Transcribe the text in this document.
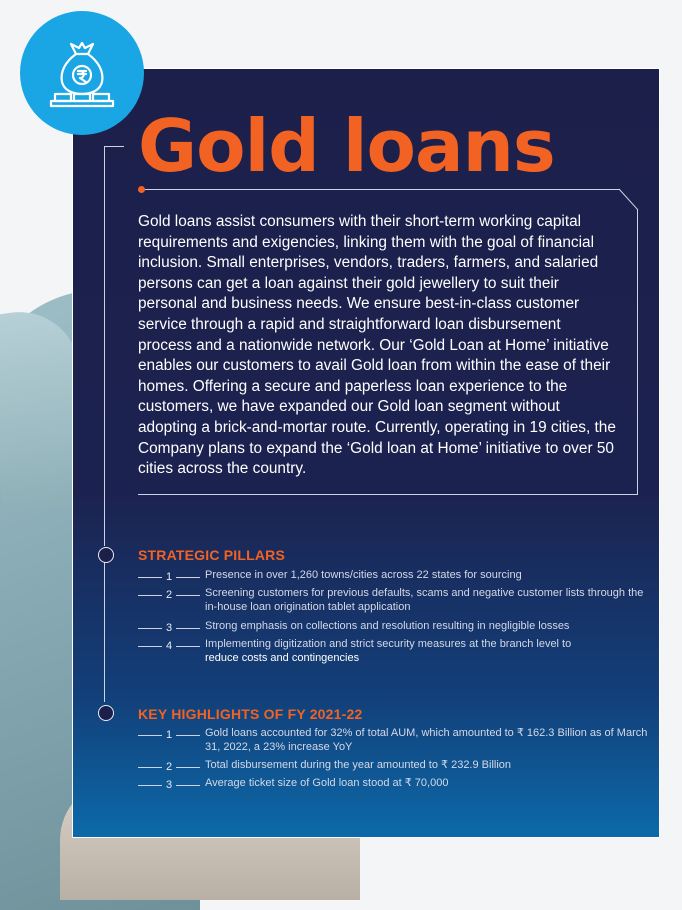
Gold loans

Gold loans assist consumers with their short-term working capital requirements and exigencies, linking them with the goal of financial inclusion. Small enterprises, vendors, traders, farmers, and salaried persons can get a loan against their gold jewellery to suit their personal and business needs. We ensure best-in-class customer service through a rapid and straightforward loan disbursement process and a nationwide network. Our ‘Gold Loan at Home’ initiative enables our customers to avail Gold loan from within the ease of their homes. Offering a secure and paperless loan experience to the customers, we have expanded our Gold loan segment without adopting a brick-and-mortar route. Currently, operating in 19 cities, the Company plans to expand the ‘Gold loan at Home’ initiative to over 50 cities across the country.

STRATEGIC PILLARS
1	Presence in over 1,260 towns/cities across 22 states for sourcing
2	Screening customers for previous defaults, scams and negative customer lists through the in-house loan origination tablet application
3	Strong emphasis on collections and resolution resulting in negligible losses
4	Implementing digitization and strict security measures at the branch level to
reduce costs and contingencies
KEY HIGHLIGHTS OF FY 2021-22
1	Gold loans accounted for 32% of total AUM, which amounted to ₹ 162.3 Billion as of March 31, 2022, a 23% increase YoY
2	Total disbursement during the year amounted to ₹ 232.9 Billion
3	Average ticket size of Gold loan stood at ₹ 70,000
